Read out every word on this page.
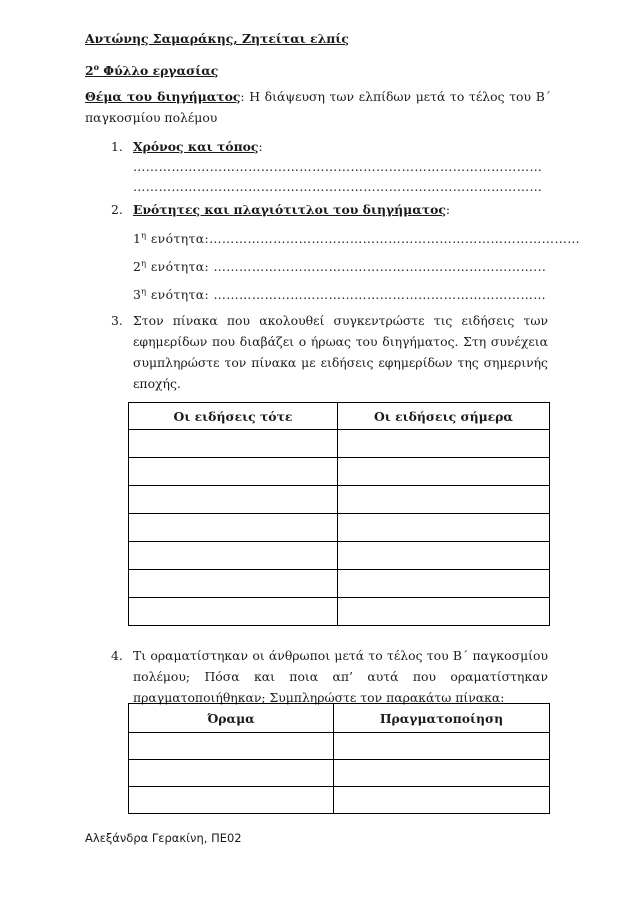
Αντώνης Σαμαράκης, Ζητείται ελπίς
$2^o$ Φύλλο εργασίας
Θέμα του διηγήματος: Η διάψευση των ελπίδων μετά το τέλος του Β΄
παγκοσμίου πολέμου
1. Χρόνος και τόπος:
……………………………………………………………………………………
……………………………………………………………………………………
2. Ενότητες και πλαγιότιτλοι του διηγήματος:
$1^\eta$ ενότητα:……………………………………………………………………………
$2^\eta$ ενότητα: …………………………………………………………………...
$3^\eta$ ενότητα: ……………………………………………………………………
3. Στον πίνακα που ακολουθεί συγκεντρώστε τις ειδήσεις των
εφημερίδων που διαβάζει ο ήρωας του διηγήματος. Στη συνέχεια
συμπληρώστε τον πίνακα με ειδήσεις εφημερίδων της σημερινής
εποχής.
Οι ειδήσεις τότε	Οι ειδήσεις σήμερα

4. Τι οραματίστηκαν οι άνθρωποι μετά το τέλος του Β΄ παγκοσμίου
πολέμου; Πόσα και ποια απ’ αυτά που οραματίστηκαν
πραγματοποιήθηκαν; Συμπληρώστε τον παρακάτω πίνακα:
Όραμα	Πραγματοποίηση

Αλεξάνδρα Γερακίνη, ΠΕ02
